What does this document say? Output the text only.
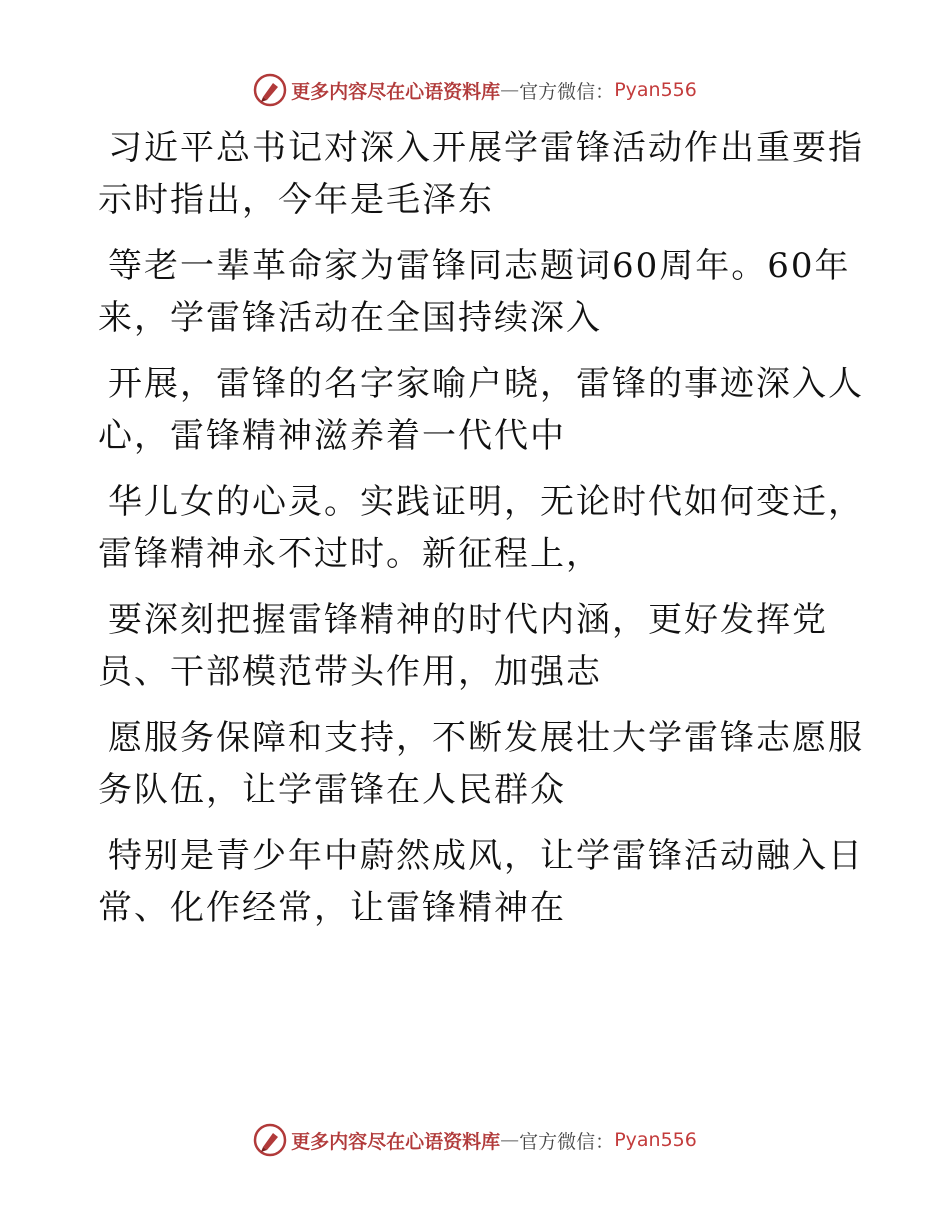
更多内容尽在心语资料库 — 官方微信： Pyan556
习近平总书记对深入开展学雷锋活动作出重要指
示时指出，今年是毛泽东
等老一辈革命家为雷锋同志题词60周年。60年
来，学雷锋活动在全国持续深入
开展，雷锋的名字家喻户晓，雷锋的事迹深入人
心，雷锋精神滋养着一代代中
华儿女的心灵。实践证明，无论时代如何变迁，
雷锋精神永不过时。新征程上，
要深刻把握雷锋精神的时代内涵，更好发挥党
员、干部模范带头作用，加强志
愿服务保障和支持，不断发展壮大学雷锋志愿服
务队伍，让学雷锋在人民群众
特别是青少年中蔚然成风，让学雷锋活动融入日
常、化作经常，让雷锋精神在
更多内容尽在心语资料库 — 官方微信： Pyan556
